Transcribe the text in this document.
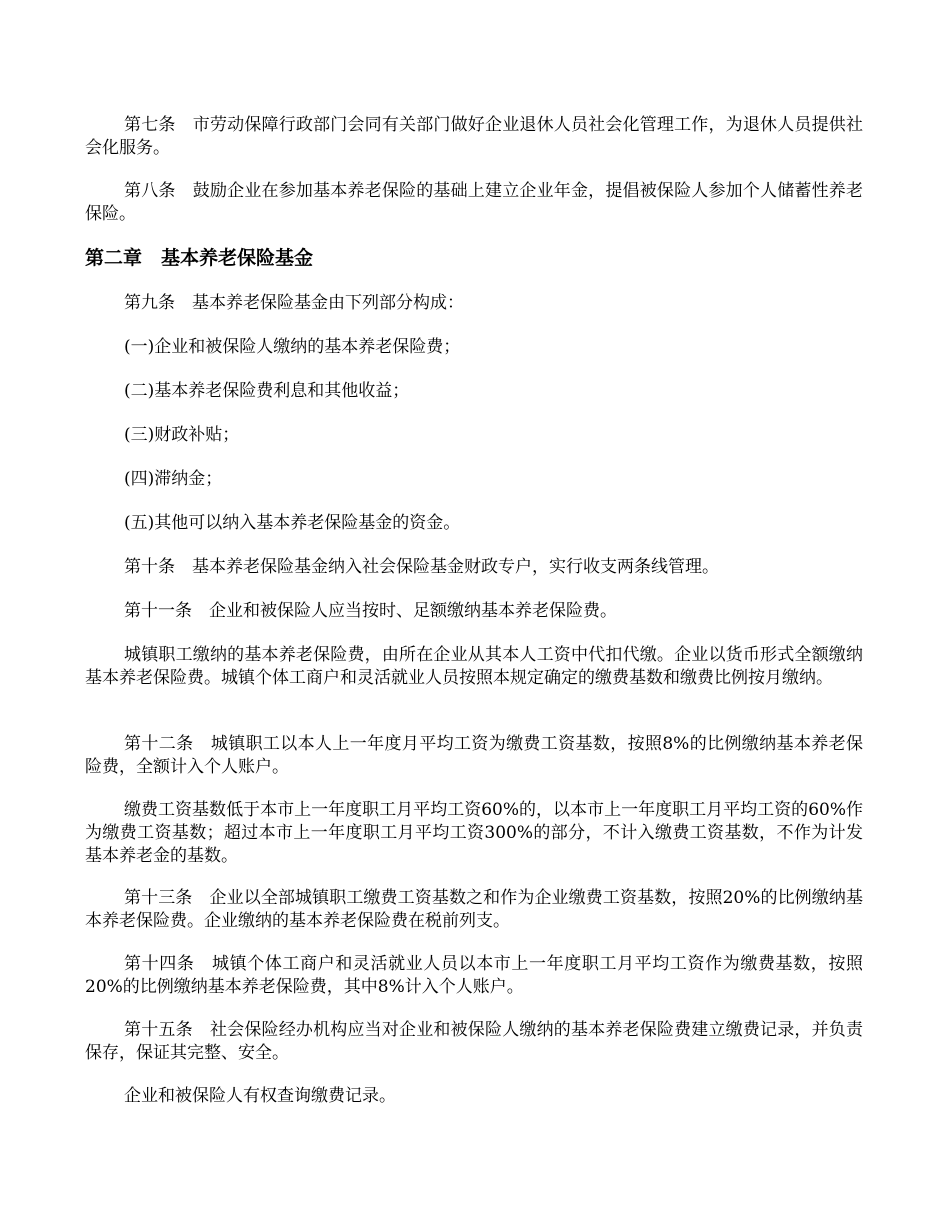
第七条　市劳动保障行政部门会同有关部门做好企业退休人员社会化管理工作，为退休人员提供社会化服务。

第八条　鼓励企业在参加基本养老保险的基础上建立企业年金，提倡被保险人参加个人储蓄性养老保险。

第二章　基本养老保险基金

第九条　基本养老保险基金由下列部分构成：

(一)企业和被保险人缴纳的基本养老保险费；

(二)基本养老保险费利息和其他收益；

(三)财政补贴；

(四)滞纳金；

(五)其他可以纳入基本养老保险基金的资金。

第十条　基本养老保险基金纳入社会保险基金财政专户，实行收支两条线管理。

第十一条　企业和被保险人应当按时、足额缴纳基本养老保险费。

城镇职工缴纳的基本养老保险费，由所在企业从其本人工资中代扣代缴。企业以货币形式全额缴纳基本养老保险费。城镇个体工商户和灵活就业人员按照本规定确定的缴费基数和缴费比例按月缴纳。

第十二条　城镇职工以本人上一年度月平均工资为缴费工资基数，按照8%的比例缴纳基本养老保险费，全额计入个人账户。

缴费工资基数低于本市上一年度职工月平均工资60%的，以本市上一年度职工月平均工资的60%作为缴费工资基数；超过本市上一年度职工月平均工资300%的部分，不计入缴费工资基数，不作为计发基本养老金的基数。

第十三条　企业以全部城镇职工缴费工资基数之和作为企业缴费工资基数，按照20%的比例缴纳基本养老保险费。企业缴纳的基本养老保险费在税前列支。

第十四条　城镇个体工商户和灵活就业人员以本市上一年度职工月平均工资作为缴费基数，按照20%的比例缴纳基本养老保险费，其中8%计入个人账户。

第十五条　社会保险经办机构应当对企业和被保险人缴纳的基本养老保险费建立缴费记录，并负责保存，保证其完整、安全。

企业和被保险人有权查询缴费记录。
